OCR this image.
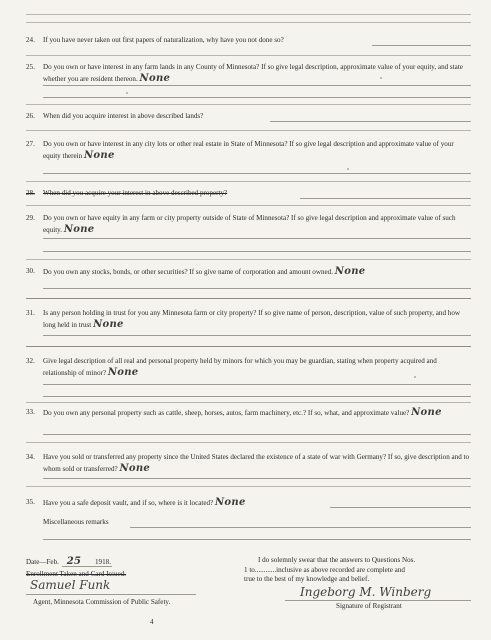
24.	If you have never taken out first papers of naturalization, why have you not done so?
25.	Do you own or have interest in any farm lands in any County of Minnesota? If so give legal description, approximate value of your equity, and state whether you are resident thereon. None
26.	When did you acquire interest in above described lands?
27.	Do you own or have interest in any city lots or other real estate in State of Minnesota? If so give legal description and approximate value of your equity therein None
28.	When did you acquire your interest in above described property?
29.	Do you own or have equity in any farm or city property outside of State of Minnesota? If so give legal description and approximate value of such equity. None
30.	Do you own any stocks, bonds, or other securities? If so give name of corporation and amount owned. None
31.	Is any person holding in trust for you any Minnesota farm or city property? If so give name of person, description, value of such property, and how long held in trust None
32.	Give legal description of all real and personal property held by minors for which you may be guardian, stating when property acquired and relationship of minor? None
33.	Do you own any personal property such as cattle, sheep, horses, autos, farm machinery, etc.? If so, what, and approximate value? None
34.	Have you sold or transferred any property since the United States declared the existence of a state of war with Germany? If so, give description and to whom sold or transferred? None
35.	Have you a safe deposit vault, and if so, where is it located? None
Miscellaneous remarks
Date—Feb. 25 1918.
Enrollment Taken and Card Issued.
Samuel Funk
Agent, Minnesota Commission of Public Safety.
4
I do solemnly swear that the answers to Questions Nos.
1 to............inclusive as above recorded are complete and
true to the best of my knowledge and belief.
Ingeborg M. Winberg
Signature of Registrant
